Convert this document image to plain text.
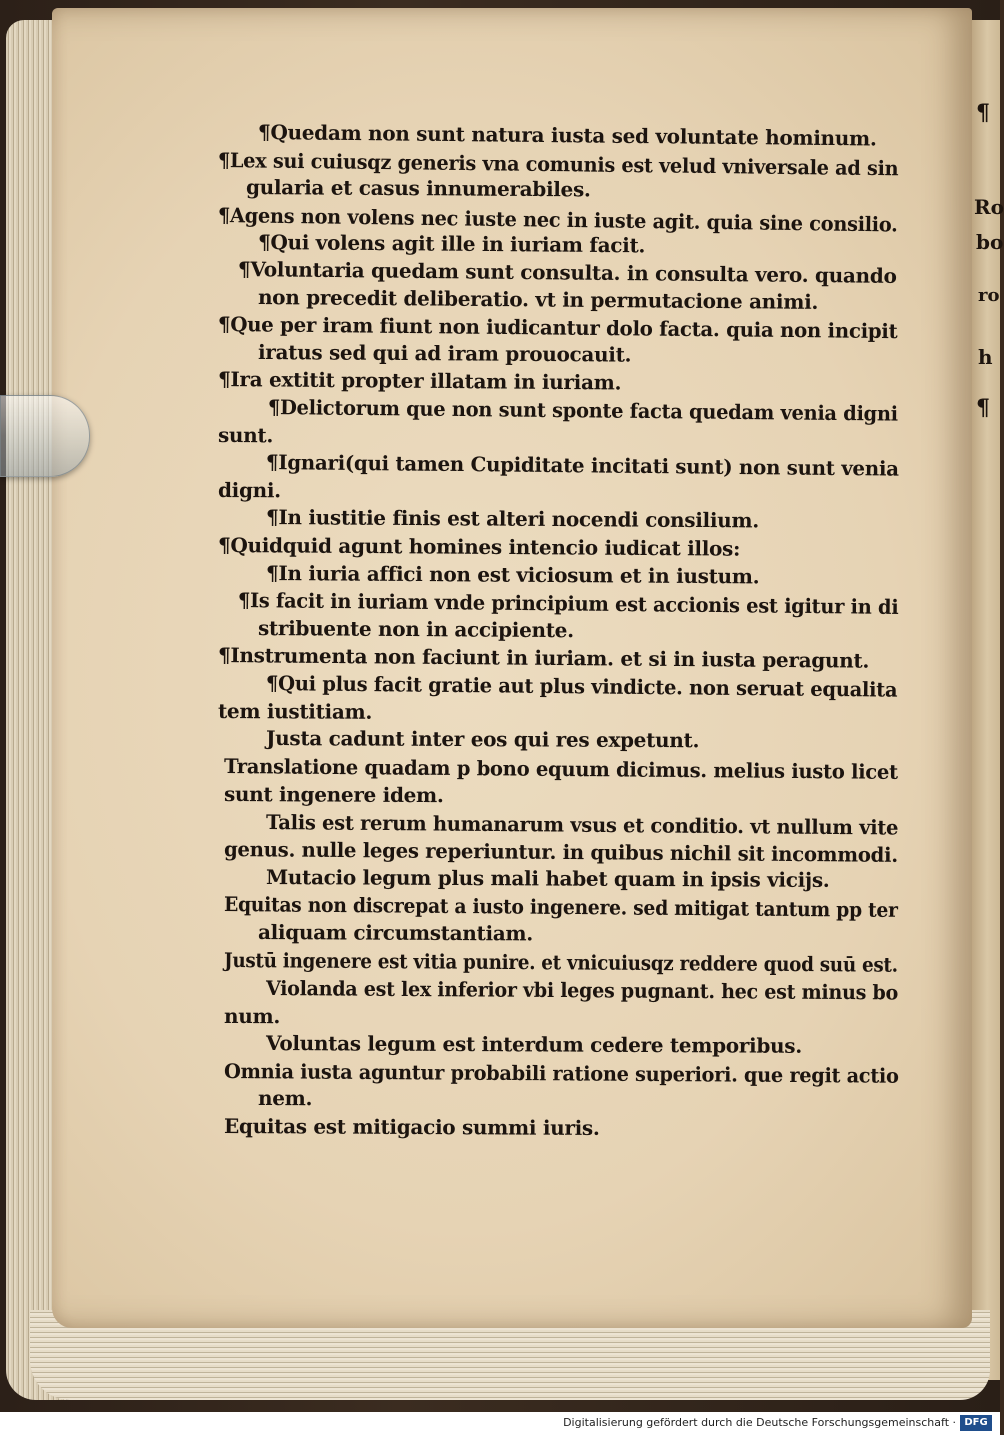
¶
Ro
bo
ro
h
¶
¶Quedam non sunt natura iusta sed voluntate hominum.
¶Lex sui cuiusqz generis vna comunis est velud vniversale ad sin
gularia et casus innumerabiles.
¶Agens non volens nec iuste nec in iuste agit. quia sine consilio.
¶Qui volens agit ille in iuriam facit.
¶Voluntaria quedam sunt consulta. in consulta vero. quando
non precedit deliberatio. vt in permutacione animi.
¶Que per iram fiunt non iudicantur dolo facta. quia non incipit
iratus sed qui ad iram prouocauit.
¶Ira extitit propter illatam in iuriam.
¶Delictorum que non sunt sponte facta quedam venia digni
sunt.
¶Ignari(qui tamen Cupiditate incitati sunt) non sunt venia
digni.
¶In iustitie finis est alteri nocendi consilium.
¶Quidquid agunt homines intencio iudicat illos:
¶In iuria affici non est viciosum et in iustum.
¶Is facit in iuriam vnde principium est accionis est igitur in di
stribuente non in accipiente.
¶Instrumenta non faciunt in iuriam. et si in iusta peragunt.
¶Qui plus facit gratie aut plus vindicte. non seruat equalita
tem iustitiam.
Justa cadunt inter eos qui res expetunt.
Translatione quadam p bono equum dicimus. melius iusto licet
sunt ingenere idem.
Talis est rerum humanarum vsus et conditio. vt nullum vite
genus. nulle leges reperiuntur. in quibus nichil sit incommodi.
Mutacio legum plus mali habet quam in ipsis vicijs.
Equitas non discrepat a iusto ingenere. sed mitigat tantum pp ter
aliquam circumstantiam.
Justū ingenere est vitia punire. et vnicuiusqz reddere quod suū est.
Violanda est lex inferior vbi leges pugnant. hec est minus bo
num.
Voluntas legum est interdum cedere temporibus.
Omnia iusta aguntur probabili ratione superiori. que regit actio
nem.
Equitas est mitigacio summi iuris.
Digitalisierung gefördert durch die Deutsche Forschungsgemeinschaft · DFG
